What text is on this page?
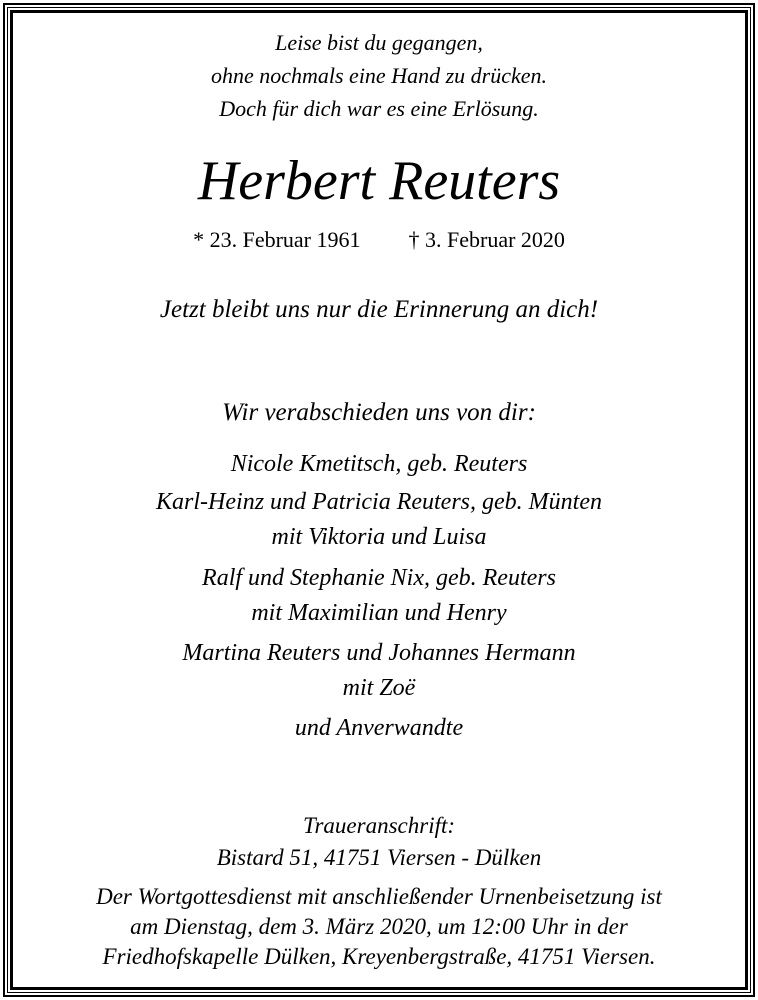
Leise bist du gegangen,
ohne nochmals eine Hand zu drücken.
Doch für dich war es eine Erlösung.
Herbert Reuters
* 23. Februar 1961 † 3. Februar 2020
Jetzt bleibt uns nur die Erinnerung an dich!
Wir verabschieden uns von dir:
Nicole Kmetitsch, geb. Reuters
Karl-Heinz und Patricia Reuters, geb. Münten
mit Viktoria und Luisa
Ralf und Stephanie Nix, geb. Reuters
mit Maximilian und Henry
Martina Reuters und Johannes Hermann
mit Zoë
und Anverwandte
Traueranschrift:
Bistard 51, 41751 Viersen - Dülken
Der Wortgottesdienst mit anschließender Urnenbeisetzung ist
am Dienstag, dem 3. März 2020, um 12:00 Uhr in der
Friedhofskapelle Dülken, Kreyenbergstraße, 41751 Viersen.
